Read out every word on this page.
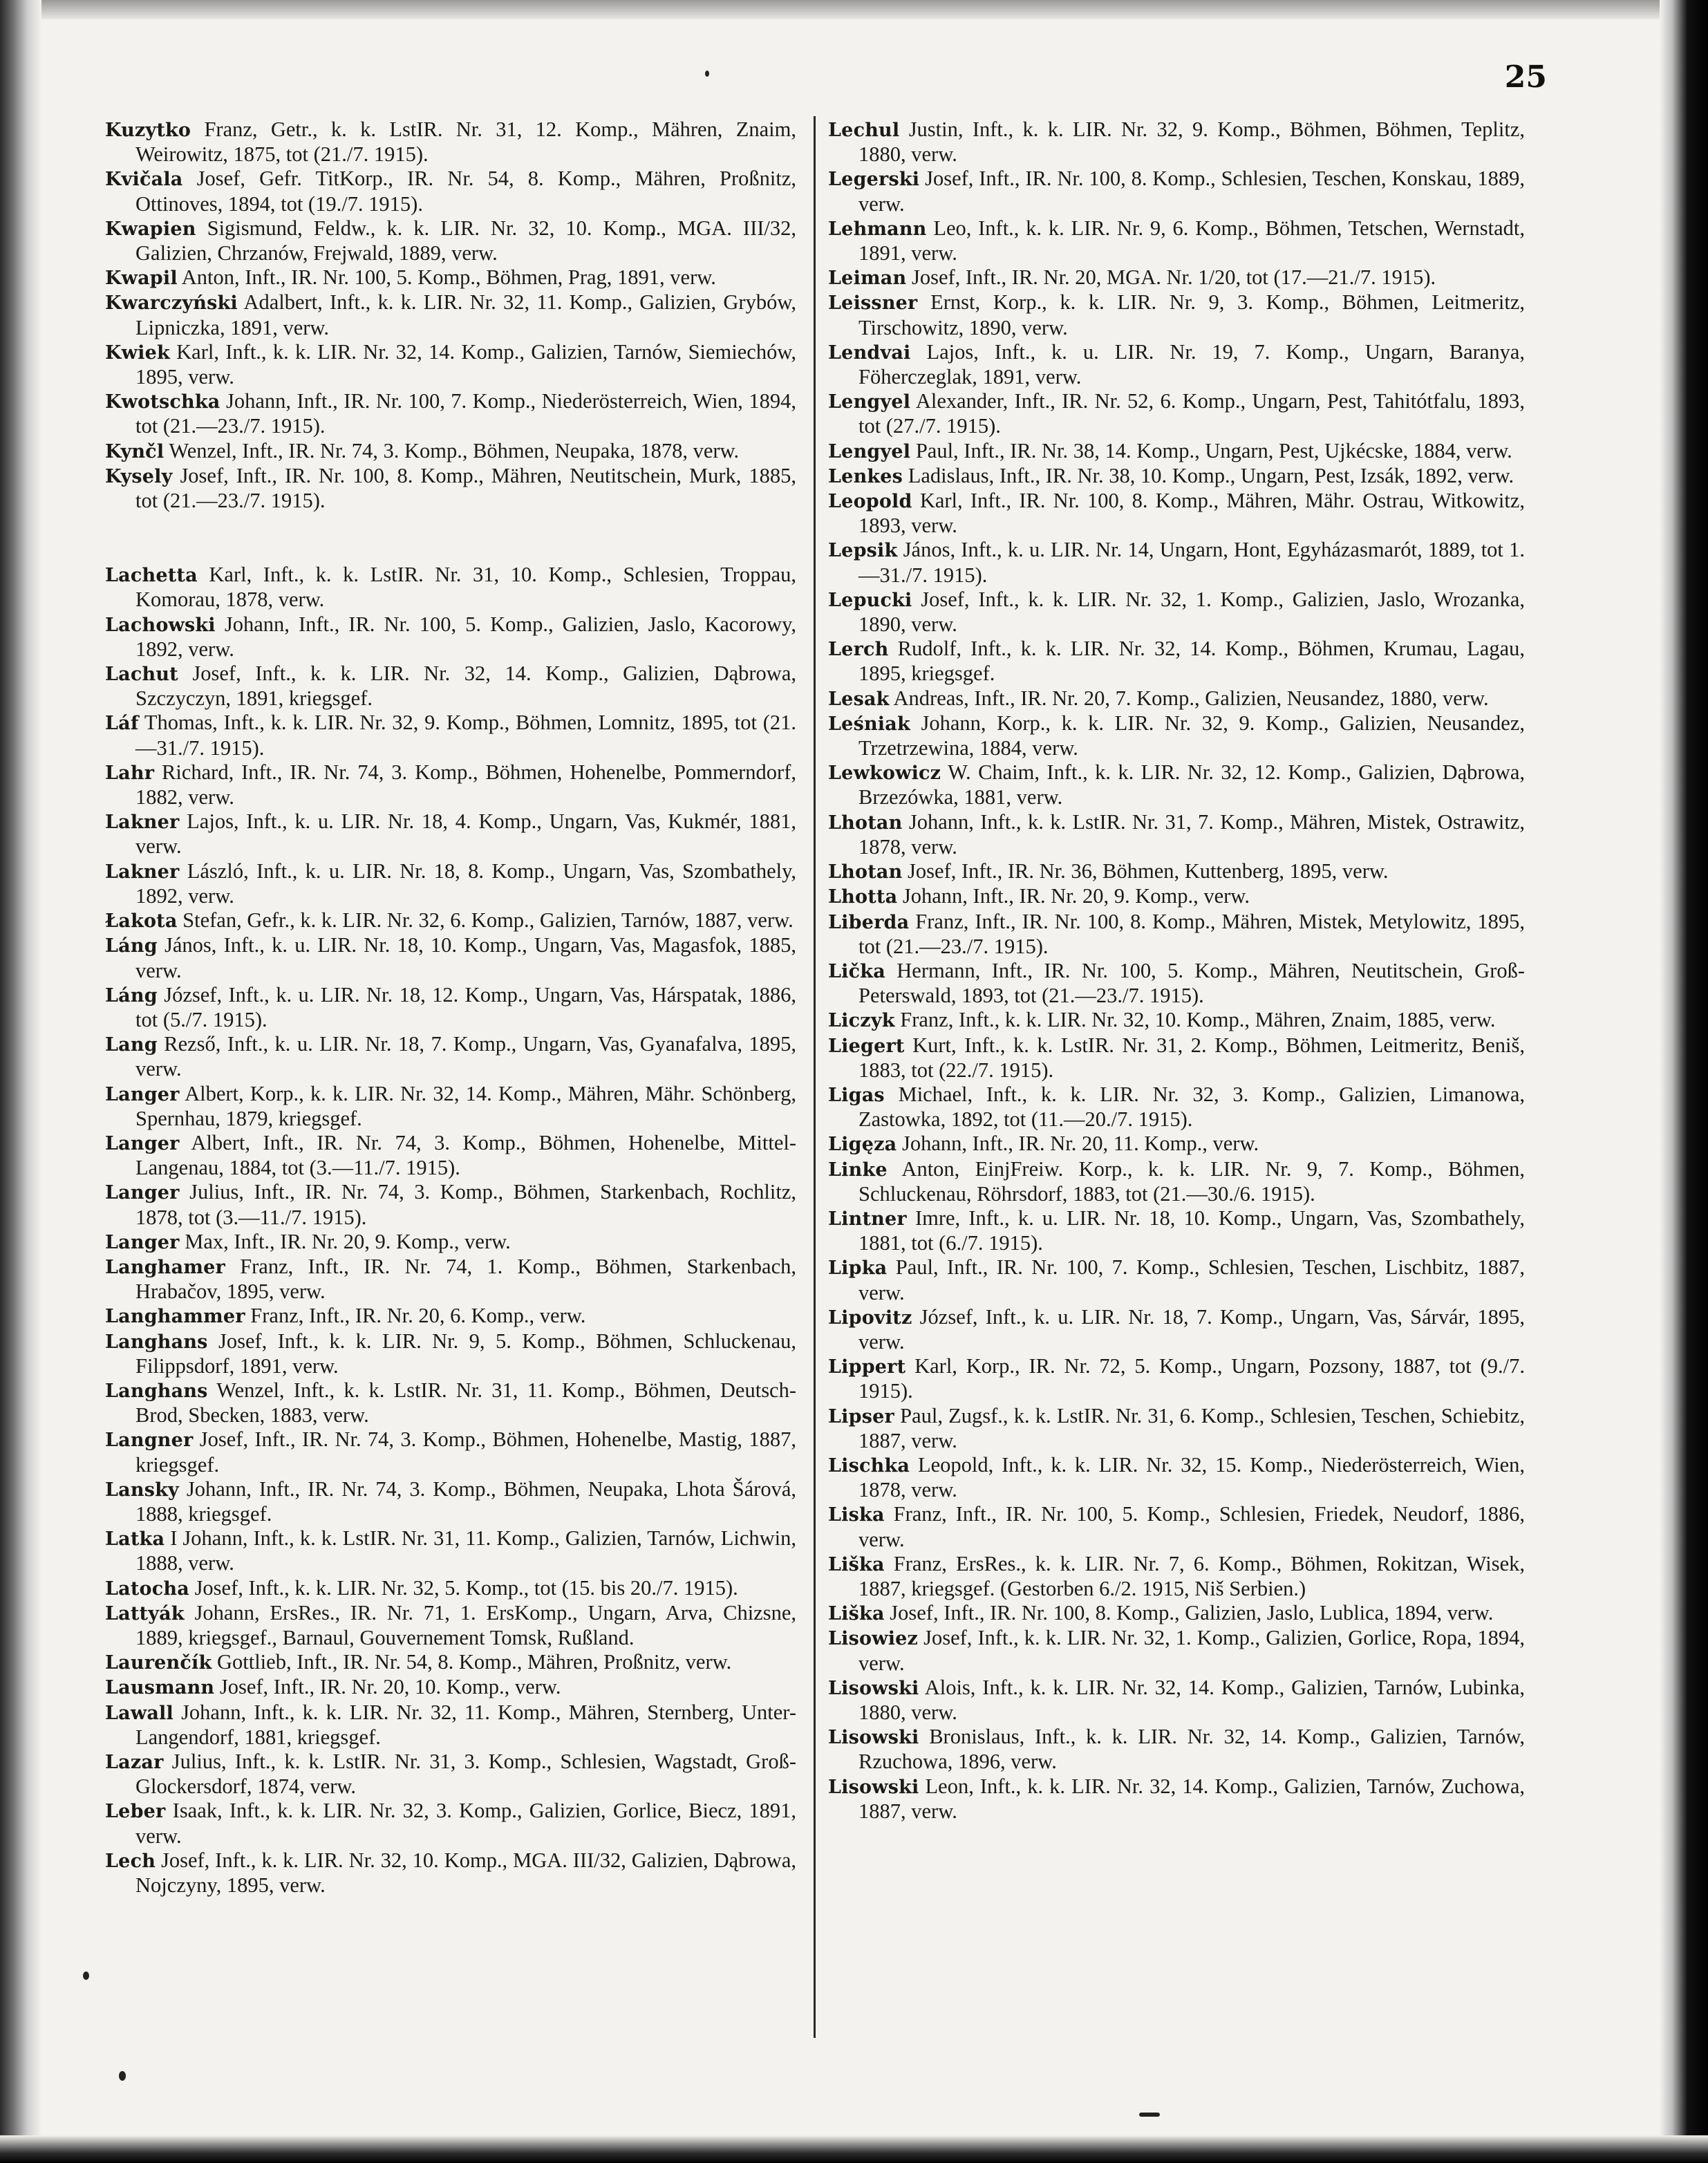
25

Kuzytko Franz, Getr., k. k. LstIR. Nr. 31, 12. Komp., Mähren, Znaim, Weirowitz, 1875, tot (21./7. 1915).

Kvičala Josef, Gefr. TitKorp., IR. Nr. 54, 8. Komp., Mähren, Proßnitz, Ottinoves, 1894, tot (19./7. 1915).

Kwapien Sigismund, Feldw., k. k. LIR. Nr. 32, 10. Komp., MGA. III/32, Galizien, Chrzanów, Frejwald, 1889, verw.

Kwapil Anton, Inft., IR. Nr. 100, 5. Komp., Böhmen, Prag, 1891, verw.

Kwarczyński Adalbert, Inft., k. k. LIR. Nr. 32, 11. Komp., Galizien, Grybów, Lipniczka, 1891, verw.

Kwiek Karl, Inft., k. k. LIR. Nr. 32, 14. Komp., Galizien, Tarnów, Siemiechów, 1895, verw.

Kwotschka Johann, Inft., IR. Nr. 100, 7. Komp., Niederösterreich, Wien, 1894, tot (21.—23./7. 1915).

Kynčl Wenzel, Inft., IR. Nr. 74, 3. Komp., Böhmen, Neupaka, 1878, verw.

Kysely Josef, Inft., IR. Nr. 100, 8. Komp., Mähren, Neutitschein, Murk, 1885, tot (21.—23./7. 1915).

Lachetta Karl, Inft., k. k. LstIR. Nr. 31, 10. Komp., Schlesien, Troppau, Komorau, 1878, verw.

Lachowski Johann, Inft., IR. Nr. 100, 5. Komp., Galizien, Jaslo, Kacorowy, 1892, verw.

Lachut Josef, Inft., k. k. LIR. Nr. 32, 14. Komp., Galizien, Dąbrowa, Szczyczyn, 1891, kriegsgef.

Láf Thomas, Inft., k. k. LIR. Nr. 32, 9. Komp., Böhmen, Lomnitz, 1895, tot (21.—31./7. 1915).

Lahr Richard, Inft., IR. Nr. 74, 3. Komp., Böhmen, Hohenelbe, Pommerndorf, 1882, verw.

Lakner Lajos, Inft., k. u. LIR. Nr. 18, 4. Komp., Ungarn, Vas, Kukmér, 1881, verw.

Lakner László, Inft., k. u. LIR. Nr. 18, 8. Komp., Ungarn, Vas, Szombathely, 1892, verw.

Łakota Stefan, Gefr., k. k. LIR. Nr. 32, 6. Komp., Galizien, Tarnów, 1887, verw.

Láng János, Inft., k. u. LIR. Nr. 18, 10. Komp., Ungarn, Vas, Magasfok, 1885, verw.

Láng József, Inft., k. u. LIR. Nr. 18, 12. Komp., Ungarn, Vas, Hárspatak, 1886, tot (5./7. 1915).

Lang Rezső, Inft., k. u. LIR. Nr. 18, 7. Komp., Ungarn, Vas, Gyanafalva, 1895, verw.

Langer Albert, Korp., k. k. LIR. Nr. 32, 14. Komp., Mähren, Mähr. Schönberg, Spernhau, 1879, kriegsgef.

Langer Albert, Inft., IR. Nr. 74, 3. Komp., Böhmen, Hohenelbe, Mittel-Langenau, 1884, tot (3.—11./7. 1915).

Langer Julius, Inft., IR. Nr. 74, 3. Komp., Böhmen, Starkenbach, Rochlitz, 1878, tot (3.—11./7. 1915).

Langer Max, Inft., IR. Nr. 20, 9. Komp., verw.

Langhamer Franz, Inft., IR. Nr. 74, 1. Komp., Böhmen, Starkenbach, Hrabačov, 1895, verw.

Langhammer Franz, Inft., IR. Nr. 20, 6. Komp., verw.

Langhans Josef, Inft., k. k. LIR. Nr. 9, 5. Komp., Böhmen, Schluckenau, Filippsdorf, 1891, verw.

Langhans Wenzel, Inft., k. k. LstIR. Nr. 31, 11. Komp., Böhmen, Deutsch-Brod, Sbecken, 1883, verw.

Langner Josef, Inft., IR. Nr. 74, 3. Komp., Böhmen, Hohenelbe, Mastig, 1887, kriegsgef.

Lansky Johann, Inft., IR. Nr. 74, 3. Komp., Böhmen, Neupaka, Lhota Šárová, 1888, kriegsgef.

Latka I Johann, Inft., k. k. LstIR. Nr. 31, 11. Komp., Galizien, Tarnów, Lichwin, 1888, verw.

Latocha Josef, Inft., k. k. LIR. Nr. 32, 5. Komp., tot (15. bis 20./7. 1915).

Lattyák Johann, ErsRes., IR. Nr. 71, 1. ErsKomp., Ungarn, Arva, Chizsne, 1889, kriegsgef., Barnaul, Gouvernement Tomsk, Rußland.

Laurenčík Gottlieb, Inft., IR. Nr. 54, 8. Komp., Mähren, Proßnitz, verw.

Lausmann Josef, Inft., IR. Nr. 20, 10. Komp., verw.

Lawall Johann, Inft., k. k. LIR. Nr. 32, 11. Komp., Mähren, Sternberg, Unter-Langendorf, 1881, kriegsgef.

Lazar Julius, Inft., k. k. LstIR. Nr. 31, 3. Komp., Schlesien, Wagstadt, Groß-Glockersdorf, 1874, verw.

Leber Isaak, Inft., k. k. LIR. Nr. 32, 3. Komp., Galizien, Gorlice, Biecz, 1891, verw.

Lech Josef, Inft., k. k. LIR. Nr. 32, 10. Komp., MGA. III/32, Galizien, Dąbrowa, Nojczyny, 1895, verw.

Lechul Justin, Inft., k. k. LIR. Nr. 32, 9. Komp., Böhmen, Böhmen, Teplitz, 1880, verw.

Legerski Josef, Inft., IR. Nr. 100, 8. Komp., Schlesien, Teschen, Konskau, 1889, verw.

Lehmann Leo, Inft., k. k. LIR. Nr. 9, 6. Komp., Böhmen, Tetschen, Wernstadt, 1891, verw.

Leiman Josef, Inft., IR. Nr. 20, MGA. Nr. 1/20, tot (17.—21./7. 1915).

Leissner Ernst, Korp., k. k. LIR. Nr. 9, 3. Komp., Böhmen, Leitmeritz, Tirschowitz, 1890, verw.

Lendvai Lajos, Inft., k. u. LIR. Nr. 19, 7. Komp., Ungarn, Baranya, Föherczeglak, 1891, verw.

Lengyel Alexander, Inft., IR. Nr. 52, 6. Komp., Ungarn, Pest, Tahitótfalu, 1893, tot (27./7. 1915).

Lengyel Paul, Inft., IR. Nr. 38, 14. Komp., Ungarn, Pest, Ujkécske, 1884, verw.

Lenkes Ladislaus, Inft., IR. Nr. 38, 10. Komp., Ungarn, Pest, Izsák, 1892, verw.

Leopold Karl, Inft., IR. Nr. 100, 8. Komp., Mähren, Mähr. Ostrau, Witkowitz, 1893, verw.

Lepsik János, Inft., k. u. LIR. Nr. 14, Ungarn, Hont, Egyházasmarót, 1889, tot 1.—31./7. 1915).

Lepucki Josef, Inft., k. k. LIR. Nr. 32, 1. Komp., Galizien, Jaslo, Wrozanka, 1890, verw.

Lerch Rudolf, Inft., k. k. LIR. Nr. 32, 14. Komp., Böhmen, Krumau, Lagau, 1895, kriegsgef.

Lesak Andreas, Inft., IR. Nr. 20, 7. Komp., Galizien, Neusandez, 1880, verw.

Leśniak Johann, Korp., k. k. LIR. Nr. 32, 9. Komp., Galizien, Neusandez, Trzetrzewina, 1884, verw.

Lewkowicz W. Chaim, Inft., k. k. LIR. Nr. 32, 12. Komp., Galizien, Dąbrowa, Brzezówka, 1881, verw.

Lhotan Johann, Inft., k. k. LstIR. Nr. 31, 7. Komp., Mähren, Mistek, Ostrawitz, 1878, verw.

Lhotan Josef, Inft., IR. Nr. 36, Böhmen, Kuttenberg, 1895, verw.

Lhotta Johann, Inft., IR. Nr. 20, 9. Komp., verw.

Liberda Franz, Inft., IR. Nr. 100, 8. Komp., Mähren, Mistek, Metylowitz, 1895, tot (21.—23./7. 1915).

Lička Hermann, Inft., IR. Nr. 100, 5. Komp., Mähren, Neutitschein, Groß-Peterswald, 1893, tot (21.—23./7. 1915).

Liczyk Franz, Inft., k. k. LIR. Nr. 32, 10. Komp., Mähren, Znaim, 1885, verw.

Liegert Kurt, Inft., k. k. LstIR. Nr. 31, 2. Komp., Böhmen, Leitmeritz, Beniš, 1883, tot (22./7. 1915).

Ligas Michael, Inft., k. k. LIR. Nr. 32, 3. Komp., Galizien, Limanowa, Zastowka, 1892, tot (11.—20./7. 1915).

Ligęza Johann, Inft., IR. Nr. 20, 11. Komp., verw.

Linke Anton, EinjFreiw. Korp., k. k. LIR. Nr. 9, 7. Komp., Böhmen, Schluckenau, Röhrsdorf, 1883, tot (21.—30./6. 1915).

Lintner Imre, Inft., k. u. LIR. Nr. 18, 10. Komp., Ungarn, Vas, Szombathely, 1881, tot (6./7. 1915).

Lipka Paul, Inft., IR. Nr. 100, 7. Komp., Schlesien, Teschen, Lischbitz, 1887, verw.

Lipovitz József, Inft., k. u. LIR. Nr. 18, 7. Komp., Ungarn, Vas, Sárvár, 1895, verw.

Lippert Karl, Korp., IR. Nr. 72, 5. Komp., Ungarn, Pozsony, 1887, tot (9./7. 1915).

Lipser Paul, Zugsf., k. k. LstIR. Nr. 31, 6. Komp., Schlesien, Teschen, Schiebitz, 1887, verw.

Lischka Leopold, Inft., k. k. LIR. Nr. 32, 15. Komp., Niederösterreich, Wien, 1878, verw.

Liska Franz, Inft., IR. Nr. 100, 5. Komp., Schlesien, Friedek, Neudorf, 1886, verw.

Liška Franz, ErsRes., k. k. LIR. Nr. 7, 6. Komp., Böhmen, Rokitzan, Wisek, 1887, kriegsgef. (Gestorben 6./2. 1915, Niš Serbien.)

Liška Josef, Inft., IR. Nr. 100, 8. Komp., Galizien, Jaslo, Lublica, 1894, verw.

Lisowiez Josef, Inft., k. k. LIR. Nr. 32, 1. Komp., Galizien, Gorlice, Ropa, 1894, verw.

Lisowski Alois, Inft., k. k. LIR. Nr. 32, 14. Komp., Galizien, Tarnów, Lubinka, 1880, verw.

Lisowski Bronislaus, Inft., k. k. LIR. Nr. 32, 14. Komp., Galizien, Tarnów, Rzuchowa, 1896, verw.

Lisowski Leon, Inft., k. k. LIR. Nr. 32, 14. Komp., Galizien, Tarnów, Zuchowa, 1887, verw.
